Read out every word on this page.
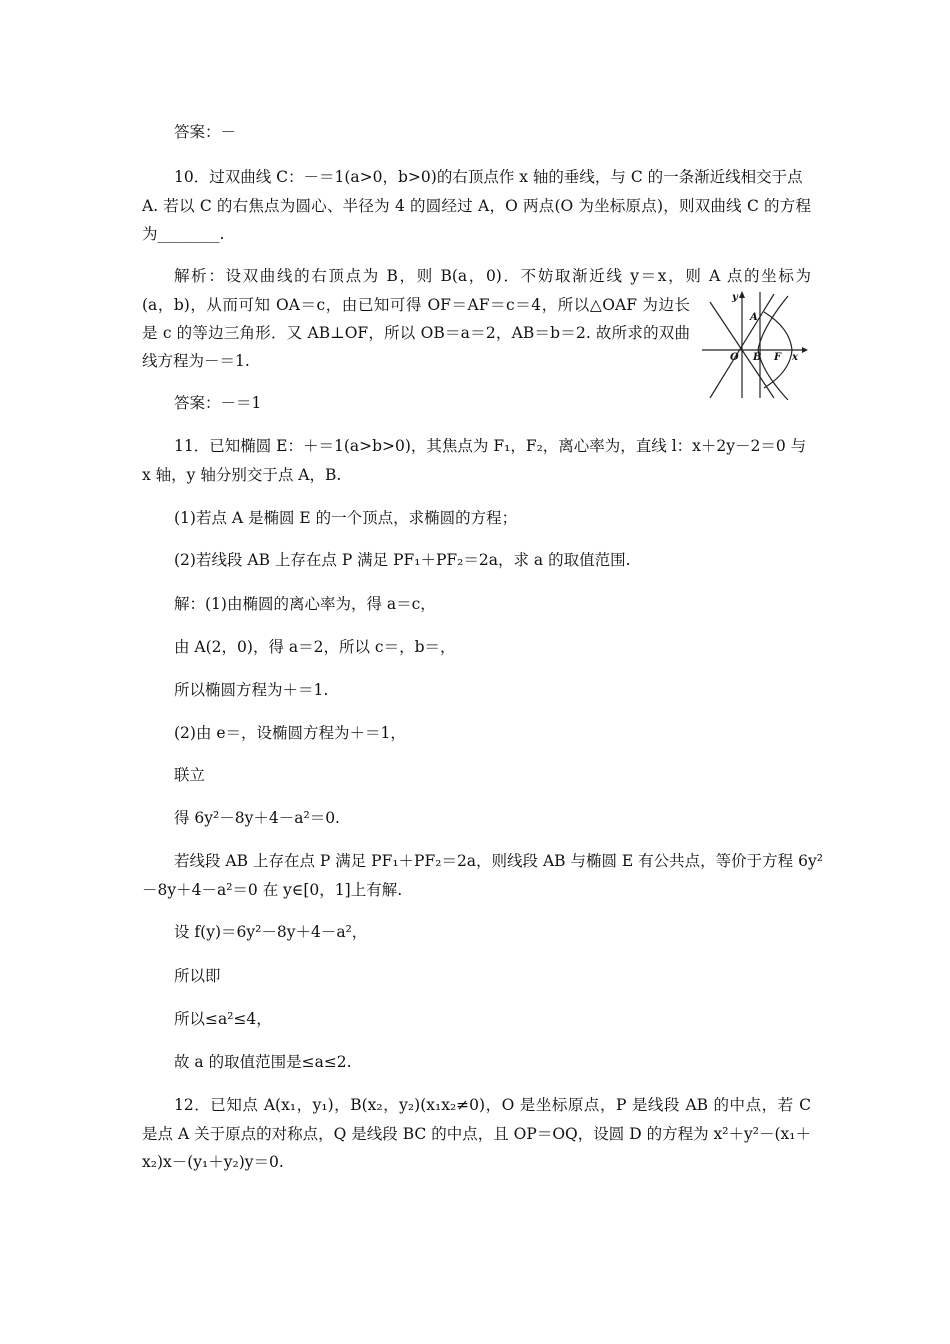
答案：－
10．过双曲线 C：－＝1(a>0，b>0)的右顶点作 x 轴的垂线，与 C 的一条渐近线相交于点
A. 若以 C 的右焦点为圆心、半径为 4 的圆经过 A，O 两点(O 为坐标原点)，则双曲线 C 的方程
为________.
解析：设双曲线的右顶点为 B，则 B(a，0)．不妨取渐近线 y＝x，则 A 点的坐标为
(a，b)，从而可知 OA＝c，由已知可得 OF＝AF＝c＝4，所以△OAF 为边长
是 c 的等边三角形．又 AB⊥OF，所以 OB＝a＝2，AB＝b＝2. 故所求的双曲
线方程为－＝1.
y
A
O B F x
答案：－＝1
11．已知椭圆 E：＋＝1(a>b>0)，其焦点为 F₁，F₂，离心率为，直线 l：x＋2y－2＝0 与
x 轴，y 轴分别交于点 A，B.
(1)若点 A 是椭圆 E 的一个顶点，求椭圆的方程；
(2)若线段 AB 上存在点 P 满足 PF₁＋PF₂＝2a，求 a 的取值范围.
解：(1)由椭圆的离心率为，得 a＝c，
由 A(2，0)，得 a＝2，所以 c＝，b＝，
所以椭圆方程为＋＝1.
(2)由 e＝，设椭圆方程为＋＝1，
联立
得 6y²－8y＋4－a²＝0.
若线段 AB 上存在点 P 满足 PF₁＋PF₂＝2a，则线段 AB 与椭圆 E 有公共点，等价于方程 6y²
－8y＋4－a²＝0 在 y∈[0，1]上有解.
设 f(y)＝6y²－8y＋4－a²，
所以即
所以≤a²≤4，
故 a 的取值范围是≤a≤2.
12．已知点 A(x₁，y₁)，B(x₂，y₂)(x₁x₂≠0)，O 是坐标原点，P 是线段 AB 的中点，若 C
是点 A 关于原点的对称点，Q 是线段 BC 的中点，且 OP＝OQ，设圆 D 的方程为 x²＋y²－(x₁＋
x₂)x－(y₁＋y₂)y＝0.
